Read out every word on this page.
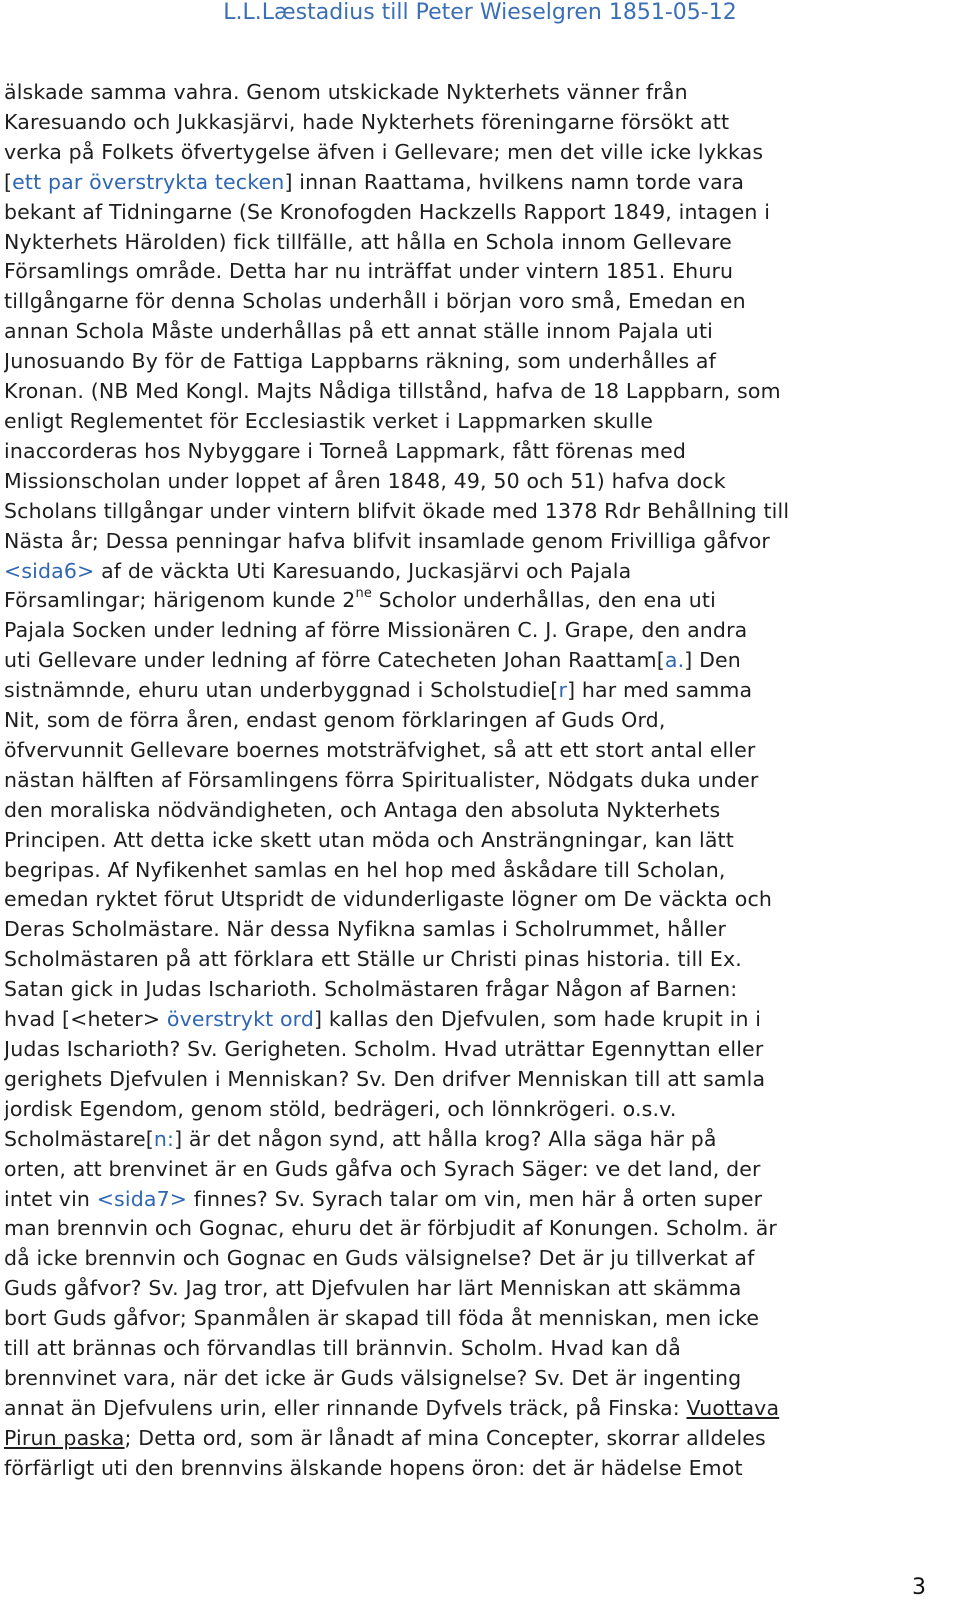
L.L.Læstadius till Peter Wieselgren 1851-05-12
älskade samma vahra. Genom utskickade Nykterhets vänner från
Karesuando och Jukkasjärvi, hade Nykterhets föreningarne försökt att
verka på Folkets öfvertygelse äfven i Gellevare; men det ville icke lykkas
[ett par överstrykta tecken] innan Raattama, hvilkens namn torde vara
bekant af Tidningarne (Se Kronofogden Hackzells Rapport 1849, intagen i
Nykterhets Härolden) fick tillfälle, att hålla en Schola innom Gellevare
Församlings område. Detta har nu inträffat under vintern 1851. Ehuru
tillgångarne för denna Scholas underhåll i början voro små, Emedan en
annan Schola Måste underhållas på ett annat ställe innom Pajala uti
Junosuando By för de Fattiga Lappbarns räkning, som underhålles af
Kronan. (NB Med Kongl. Majts Nådiga tillstånd, hafva de 18 Lappbarn, som
enligt Reglementet för Ecclesiastik verket i Lappmarken skulle
inaccorderas hos Nybyggare i Torneå Lappmark, fått förenas med
Missionscholan under loppet af åren 1848, 49, 50 och 51) hafva dock
Scholans tillgångar under vintern blifvit ökade med 1378 Rdr Behållning till
Nästa år; Dessa penningar hafva blifvit insamlade genom Frivilliga gåfvor
<sida6> af de väckta Uti Karesuando, Juckasjärvi och Pajala
Församlingar; härigenom kunde $2^{ne}$ Scholor underhållas, den ena uti
Pajala Socken under ledning af förre Missionären C. J. Grape, den andra
uti Gellevare under ledning af förre Catecheten Johan Raattam[a.] Den
sistnämnde, ehuru utan underbyggnad i Scholstudie[r] har med samma
Nit, som de förra åren, endast genom förklaringen af Guds Ord,
öfvervunnit Gellevare boernes motsträfvighet, så att ett stort antal eller
nästan hälften af Församlingens förra Spiritualister, Nödgats duka under
den moraliska nödvändigheten, och Antaga den absoluta Nykterhets
Principen. Att detta icke skett utan möda och Ansträngningar, kan lätt
begripas. Af Nyfikenhet samlas en hel hop med åskådare till Scholan,
emedan ryktet förut Utspridt de vidunderligaste lögner om De väckta och
Deras Scholmästare. När dessa Nyfikna samlas i Scholrummet, håller
Scholmästaren på att förklara ett Ställe ur Christi pinas historia. till Ex.
Satan gick in Judas Ischarioth. Scholmästaren frågar Någon af Barnen:
hvad [<heter> överstrykt ord] kallas den Djefvulen, som hade krupit in i
Judas Ischarioth? Sv. Gerigheten. Scholm. Hvad uträttar Egennyttan eller
gerighets Djefvulen i Menniskan? Sv. Den drifver Menniskan till att samla
jordisk Egendom, genom stöld, bedrägeri, och lönnkrögeri. o.s.v.
Scholmästare[n:] är det någon synd, att hålla krog? Alla säga här på
orten, att brenvinet är en Guds gåfva och Syrach Säger: ve det land, der
intet vin <sida7> finnes? Sv. Syrach talar om vin, men här å orten super
man brennvin och Gognac, ehuru det är förbjudit af Konungen. Scholm. är
då icke brennvin och Gognac en Guds välsignelse? Det är ju tillverkat af
Guds gåfvor? Sv. Jag tror, att Djefvulen har lärt Menniskan att skämma
bort Guds gåfvor; Spanmålen är skapad till föda åt menniskan, men icke
till att brännas och förvandlas till brännvin. Scholm. Hvad kan då
brennvinet vara, när det icke är Guds välsignelse? Sv. Det är ingenting
annat än Djefvulens urin, eller rinnande Dyfvels träck, på Finska: Vuottava
Pirun paska; Detta ord, som är lånadt af mina Concepter, skorrar alldeles
förfärligt uti den brennvins älskande hopens öron: det är hädelse Emot
3
